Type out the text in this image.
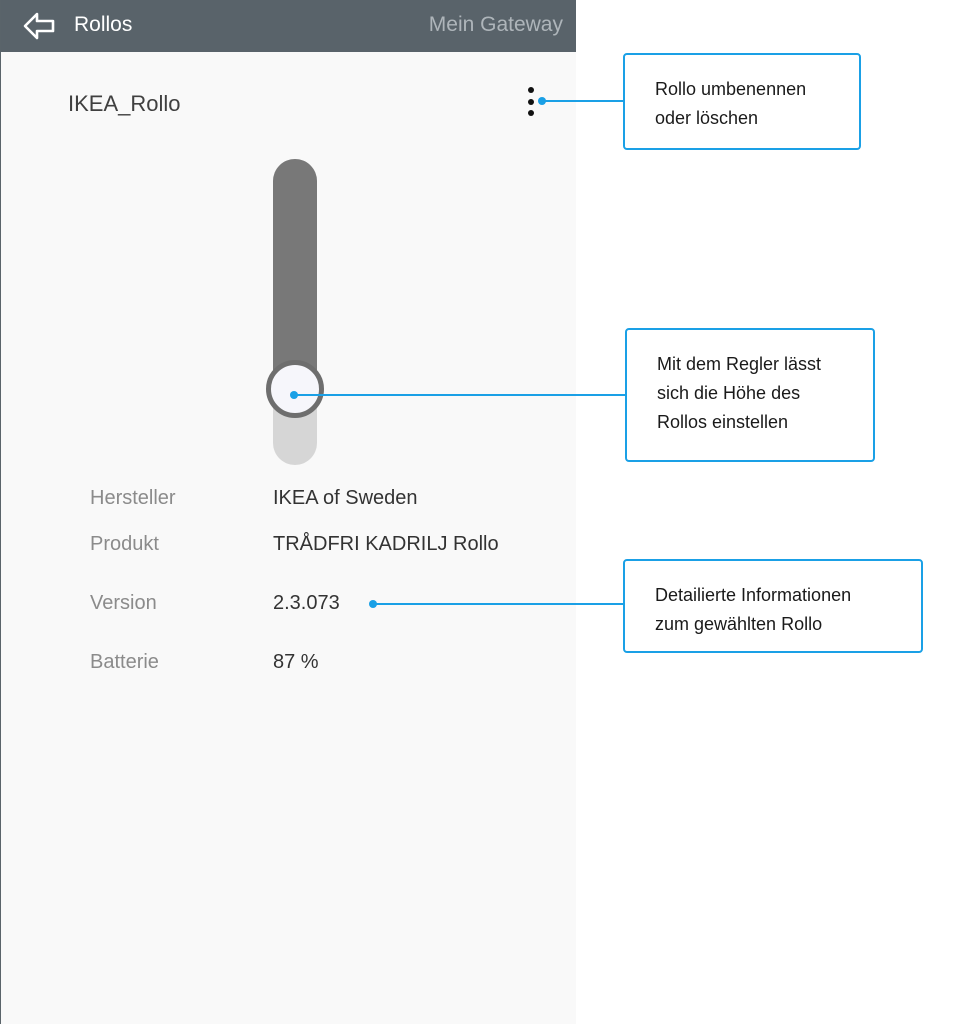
Rollos	Mein Gateway
IKEA_Rollo
Hersteller	IKEA of Sweden
Produkt	TRÅDFRI KADRILJ Rollo
Version	2.3.073
Batterie	87 %
Rollo umbenennen
oder löschen
Mit dem Regler lässt
sich die Höhe des
Rollos einstellen
Detailierte Informationen
zum gewählten Rollo
